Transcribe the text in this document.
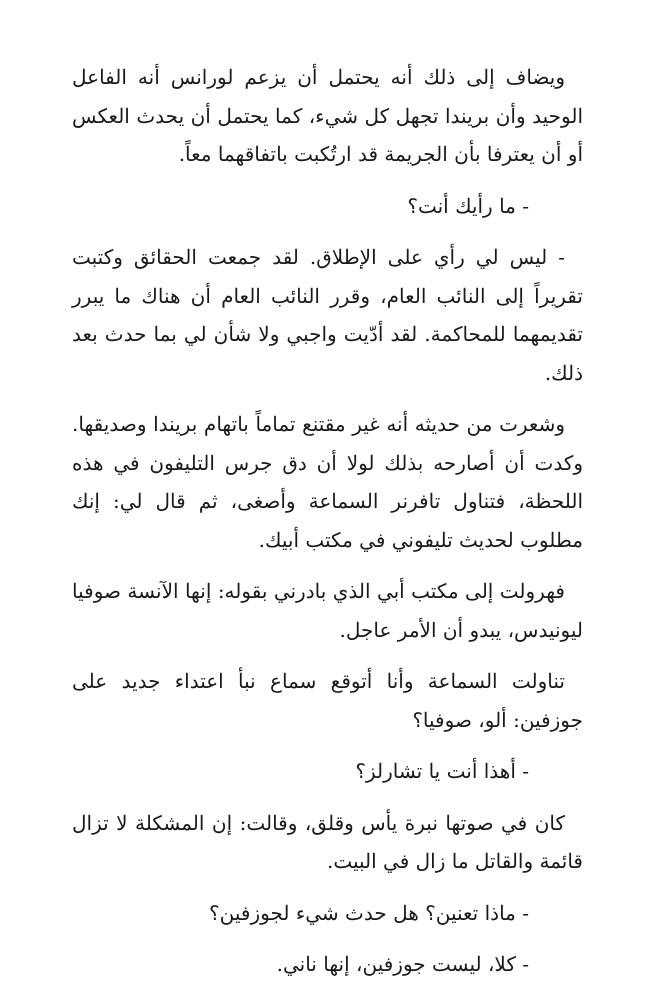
ويضاف إلى ذلك أنه يحتمل أن يزعم لورانس أنه الفاعل الوحيد وأن بريندا تجهل كل شيء، كما يحتمل أن يحدث العكس أو أن يعترفا بأن الجريمة قد ارتُكبت باتفاقهما معاً.

- ما رأيك أنت؟

- ليس لي رأي على الإطلاق. لقد جمعت الحقائق وكتبت تقريراً إلى النائب العام، وقرر النائب العام أن هناك ما يبرر تقديمهما للمحاكمة. لقد أدّيت واجبي ولا شأن لي بما حدث بعد ذلك.

وشعرت من حديثه أنه غير مقتنع تماماً باتهام بريندا وصديقها. وكدت أن أصارحه بذلك لولا أن دق جرس التليفون في هذه اللحظة، فتناول تافرنر السماعة وأصغى، ثم قال لي: إنك مطلوب لحديث تليفوني في مكتب أبيك.

فهرولت إلى مكتب أبي الذي بادرني بقوله: إنها الآنسة صوفيا ليونيدس، يبدو أن الأمر عاجل.

تناولت السماعة وأنا أتوقع سماع نبأ اعتداء جديد على جوزفين: ألو، صوفيا؟

- أهذا أنت يا تشارلز؟

كان في صوتها نبرة يأس وقلق، وقالت: إن المشكلة لا تزال قائمة والقاتل ما زال في البيت.

- ماذا تعنين؟ هل حدث شيء لجوزفين؟

- كلا، ليست جوزفين، إنها ناني.
